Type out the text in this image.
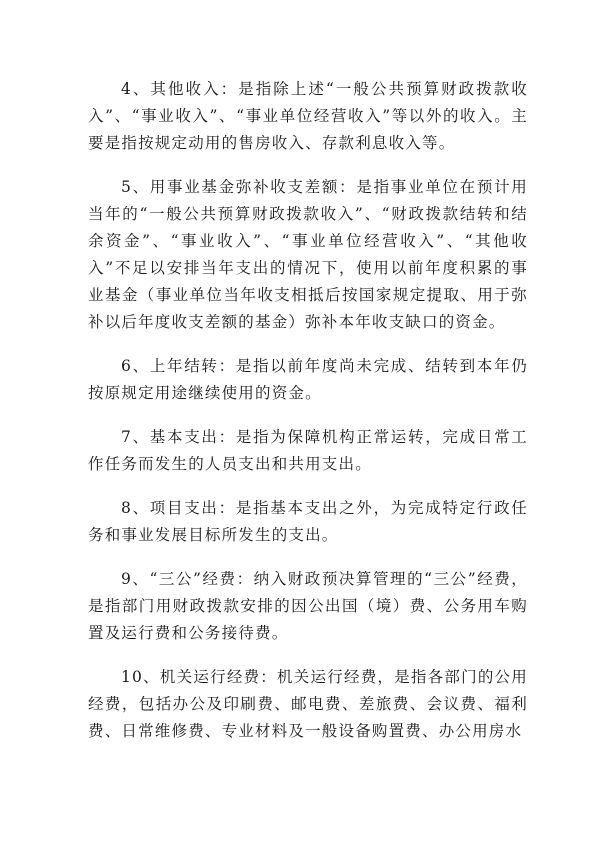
4、其他收入：是指除上述“一般公共预算财政拨款收入”、“事业收入”、“事业单位经营收入”等以外的收入。主要是指按规定动用的售房收入、存款利息收入等。

5、用事业基金弥补收支差额：是指事业单位在预计用当年的“一般公共预算财政拨款收入”、“财政拨款结转和结余资金”、“事业收入”、“事业单位经营收入”、“其他收入”不足以安排当年支出的情况下，使用以前年度积累的事业基金（事业单位当年收支相抵后按国家规定提取、用于弥补以后年度收支差额的基金）弥补本年收支缺口的资金。

6、上年结转：是指以前年度尚未完成、结转到本年仍按原规定用途继续使用的资金。

7、基本支出：是指为保障机构正常运转，完成日常工作任务而发生的人员支出和共用支出。

8、项目支出：是指基本支出之外，为完成特定行政任务和事业发展目标所发生的支出。

9、“三公”经费：纳入财政预决算管理的“三公”经费，是指部门用财政拨款安排的因公出国（境）费、公务用车购置及运行费和公务接待费。

10、机关运行经费：机关运行经费，是指各部门的公用经费，包括办公及印刷费、邮电费、差旅费、会议费、福利费、日常维修费、专业材料及一般设备购置费、办公用房水
